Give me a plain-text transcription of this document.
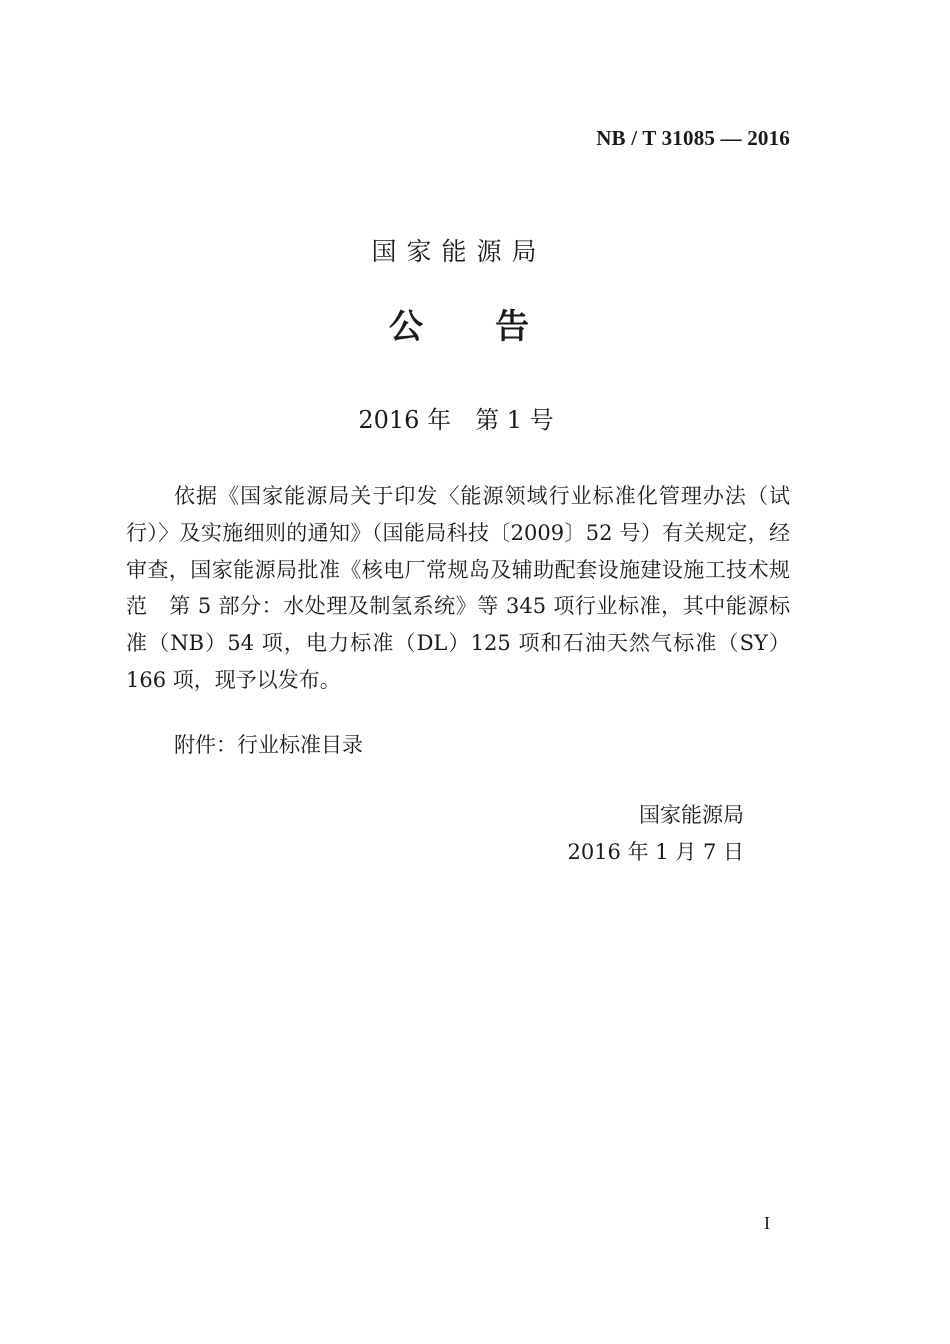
NB / T 31085 — 2016
国家能源局
公 告
2016 年　第 1 号

依据《国家能源局关于印发〈能源领域行业标准化管理办法（试行）〉及实施细则的通知》（国能局科技〔2009〕52 号）有关规定，经审查，国家能源局批准《核电厂常规岛及辅助配套设施建设施工技术规范　第 5 部分：水处理及制氢系统》等 345 项行业标准，其中能源标准（NB）54 项，电力标准（DL）125 项和石油天然气标准（SY）166 项，现予以发布。

附件：行业标准目录
国家能源局
2016 年 1 月 7 日
I
